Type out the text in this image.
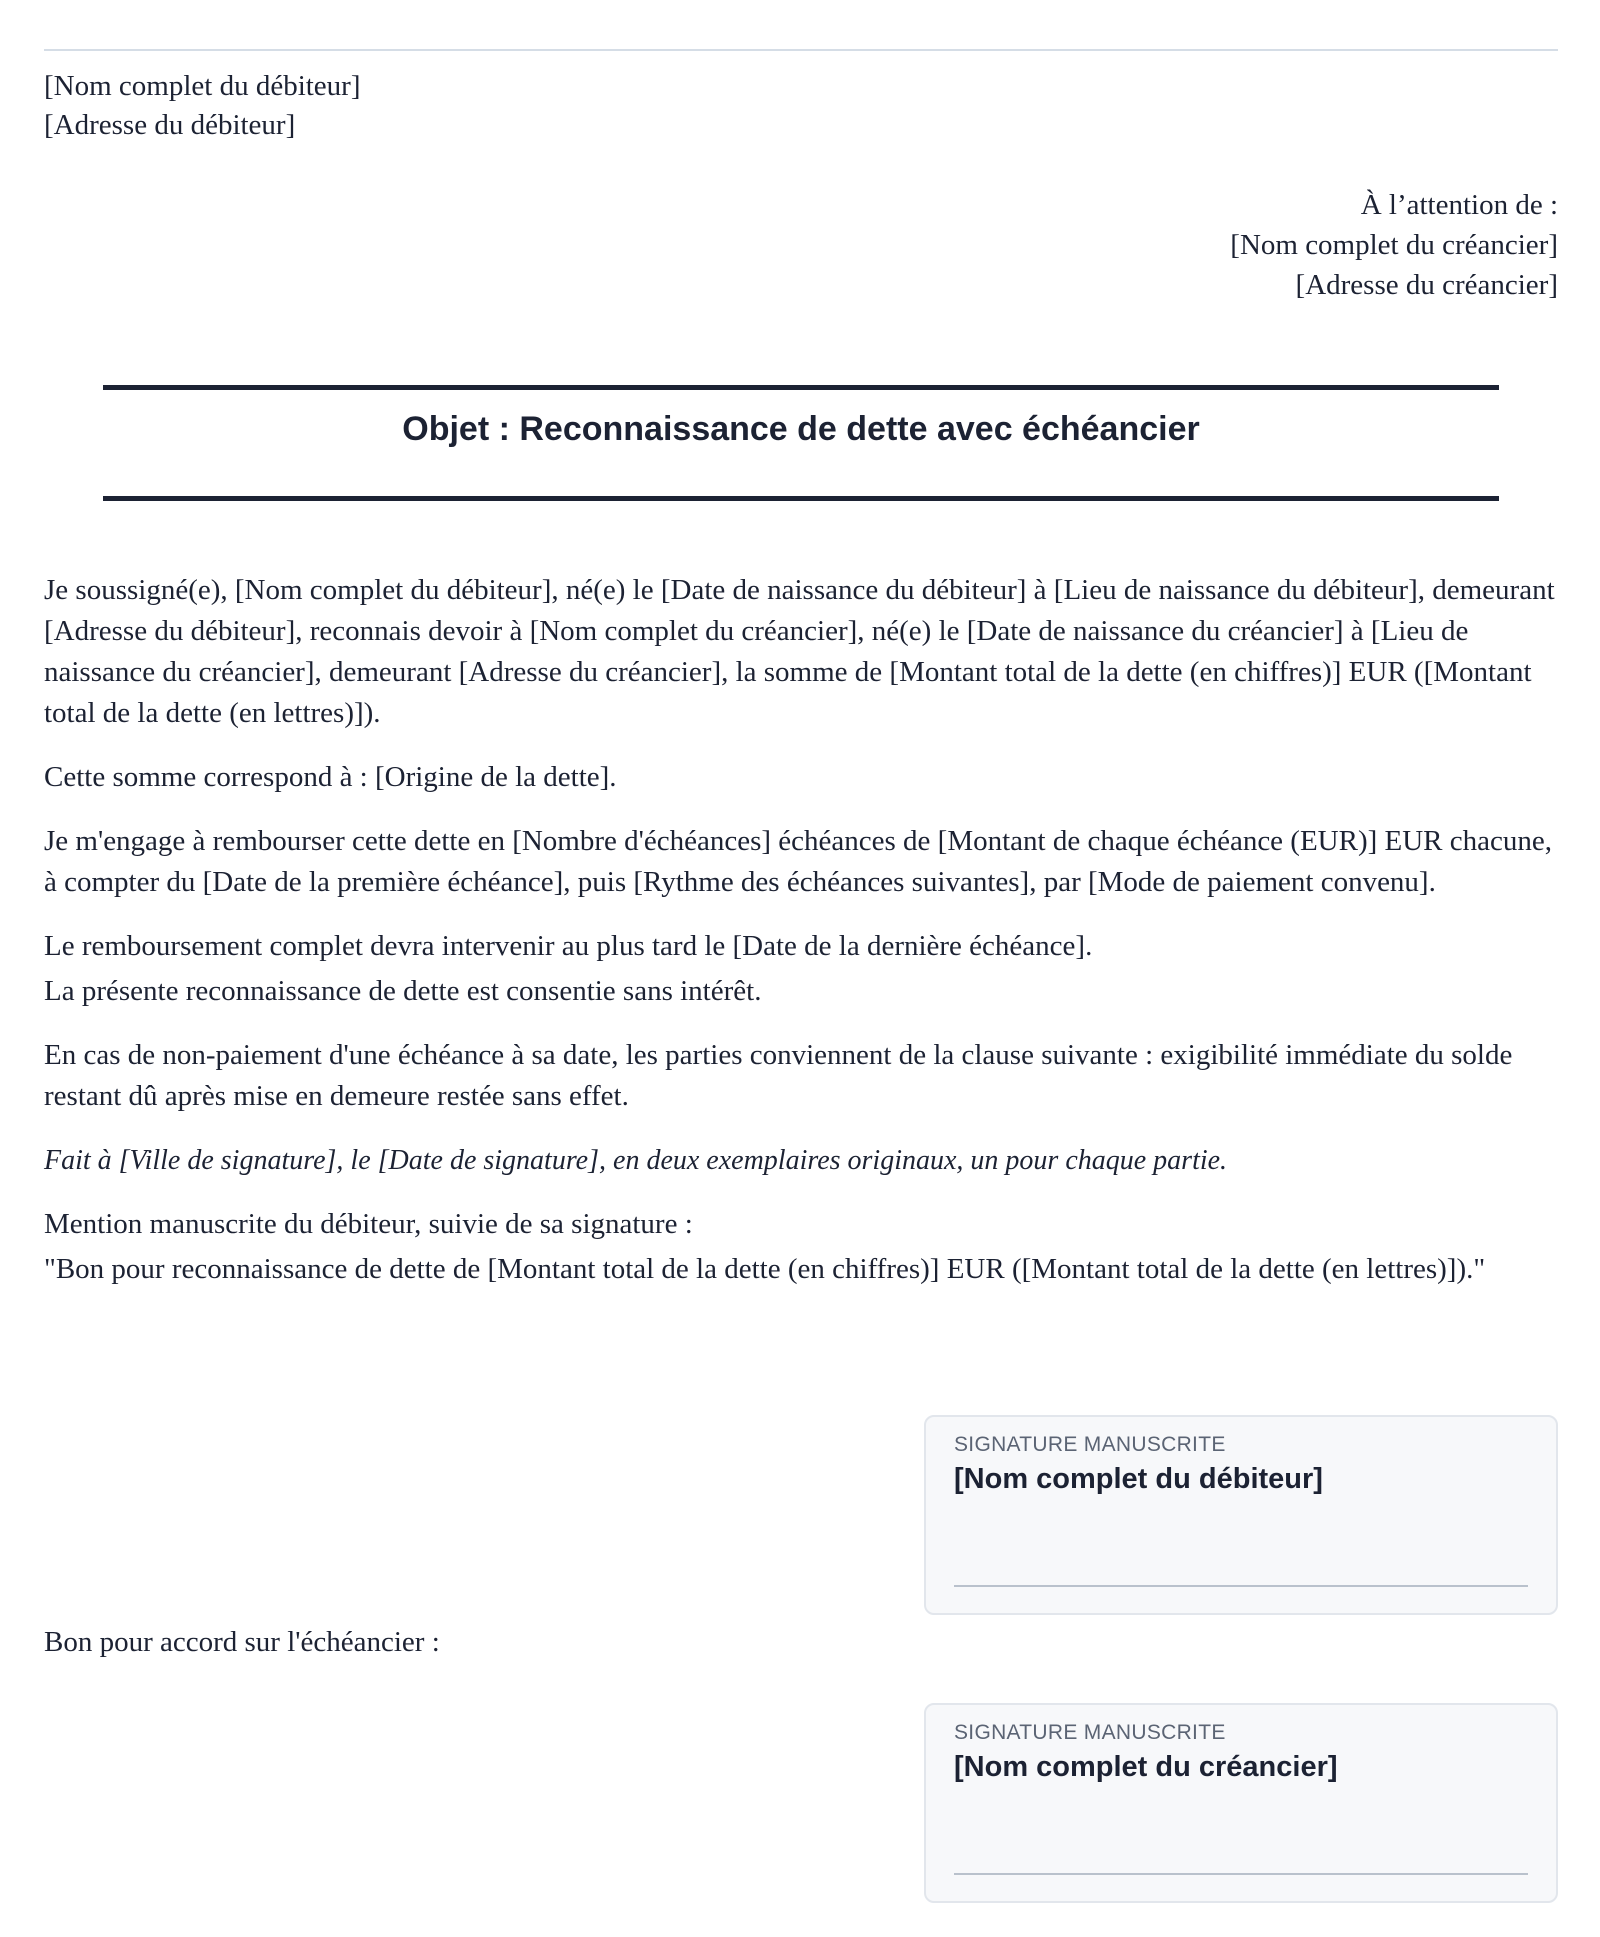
[Nom complet du débiteur]
[Adresse du débiteur]
À l’attention de :
[Nom complet du créancier]
[Adresse du créancier]
Objet : Reconnaissance de dette avec échéancier

Je soussigné(e), [Nom complet du débiteur], né(e) le [Date de naissance du débiteur] à [Lieu de naissance du débiteur], demeurant [Adresse du débiteur], reconnais devoir à [Nom complet du créancier], né(e) le [Date de naissance du créancier] à [Lieu de naissance du créancier], demeurant [Adresse du créancier], la somme de [Montant total de la dette (en chiffres)] EUR ([Montant total de la dette (en lettres)]).

Cette somme correspond à : [Origine de la dette].

Je m'engage à rembourser cette dette en [Nombre d'échéances] échéances de [Montant de chaque échéance (EUR)] EUR chacune, à compter du [Date de la première échéance], puis [Rythme des échéances suivantes], par [Mode de paiement convenu].

Le remboursement complet devra intervenir au plus tard le [Date de la dernière échéance].

La présente reconnaissance de dette est consentie sans intérêt.

En cas de non-paiement d'une échéance à sa date, les parties conviennent de la clause suivante : exigibilité immédiate du solde restant dû après mise en demeure restée sans effet.

Fait à [Ville de signature], le [Date de signature], en deux exemplaires originaux, un pour chaque partie.

Mention manuscrite du débiteur, suivie de sa signature :

"Bon pour reconnaissance de dette de [Montant total de la dette (en chiffres)] EUR ([Montant total de la dette (en lettres)])."

SIGNATURE MANUSCRITE
[Nom complet du débiteur]
Bon pour accord sur l'échéancier :
SIGNATURE MANUSCRITE
[Nom complet du créancier]
